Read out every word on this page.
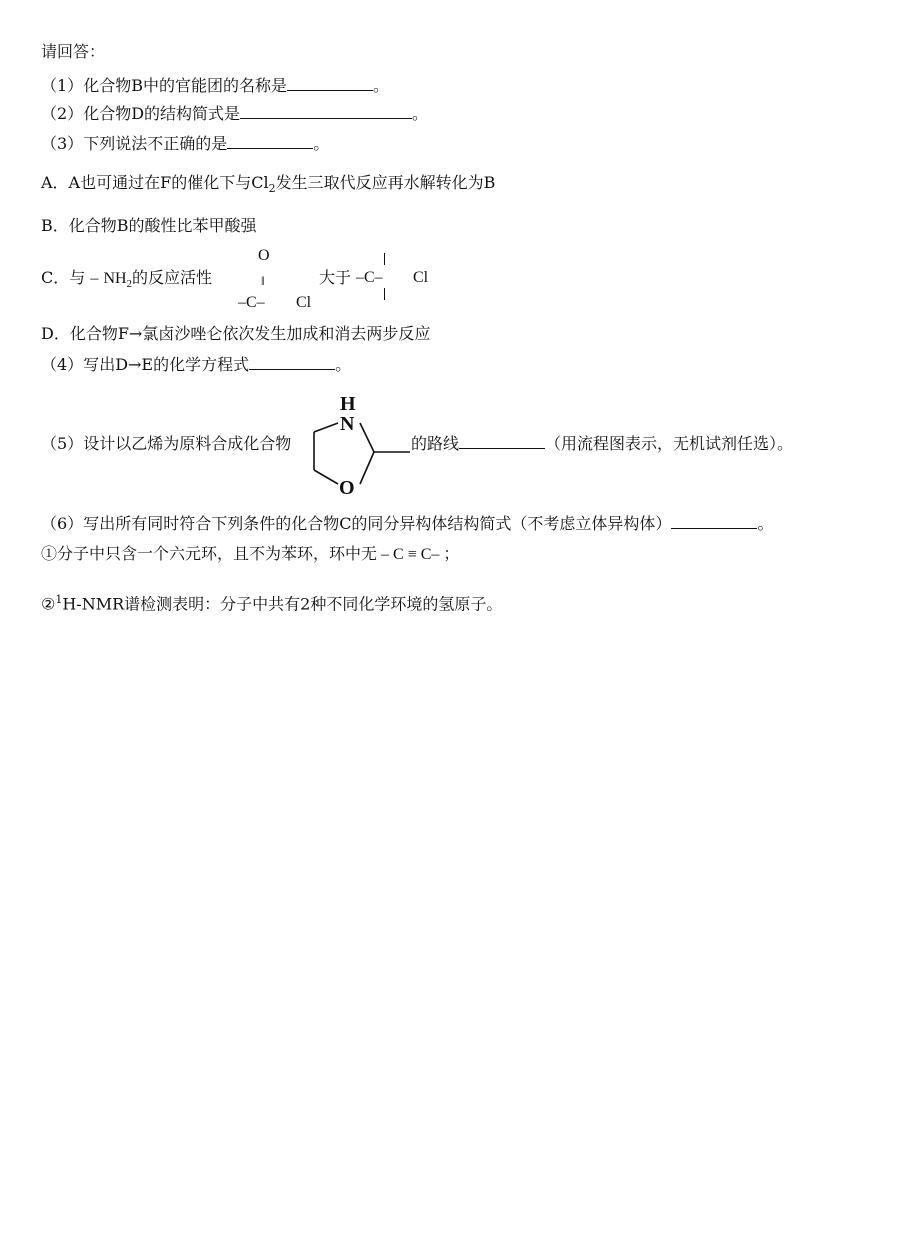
请回答：
（1）化合物B中的官能团的名称是	。
（2）化合物D的结构简式是	。
（3）下列说法不正确的是	。
A．A也可通过在F的催化下与$Cl_2$发生三取代反应再水解转化为B
B．化合物B的酸性比苯甲酸强
C．与 – $NH_2$的反应活性
O
‖
–C– Cl
大于 –C– Cl
D．化合物F→氯卤沙唑仑依次发生加成和消去两步反应
（4）写出D→E的化学方程式	。
（5）设计以乙烯为原料合成化合物
H
N
O
的路线	（用流程图表示，无机试剂任选）。
（6）写出所有同时符合下列条件的化合物C的同分异构体结构简式（不考虑立体异构体）	。
①分子中只含一个六元环，且不为苯环，环中无 – C ≡ C– ；
②$^1$H-NMR谱检测表明：分子中共有2种不同化学环境的氢原子。
